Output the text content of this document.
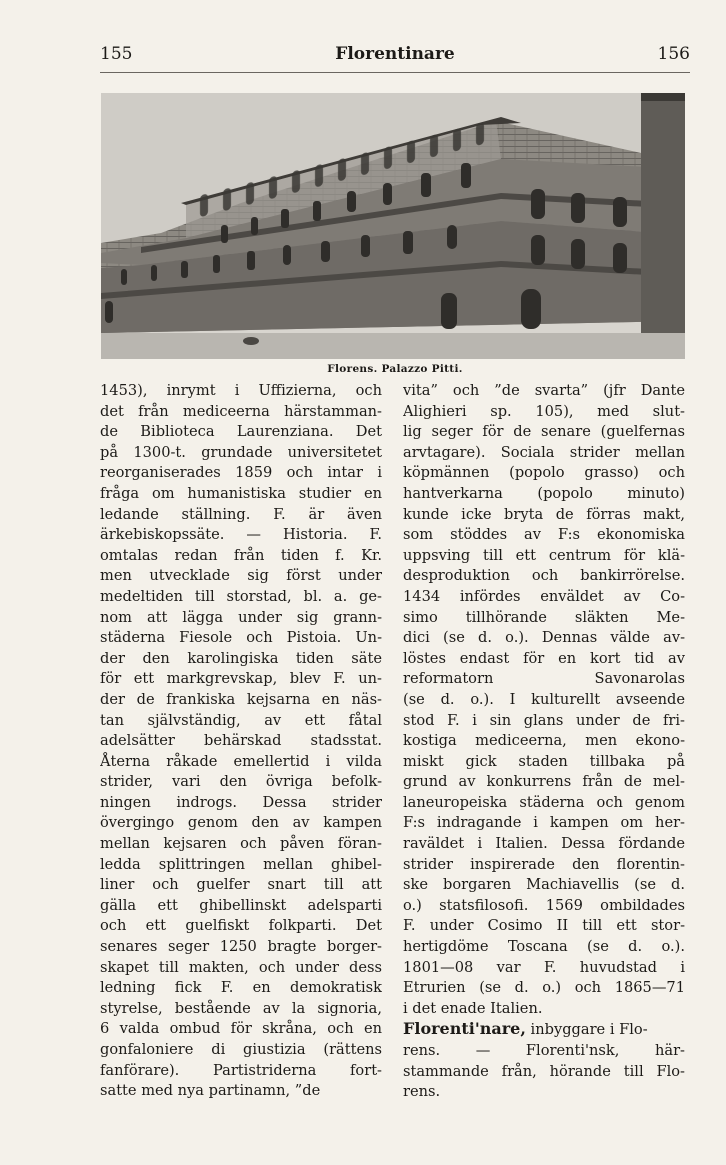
155	Florentinare	156
Florens. Palazzo Pitti.
1453), inrymt i Uffizierna, och
det från mediceerna härstamman-
de Biblioteca Laurenziana. Det
på 1300-t. grundade universitetet
reorganiserades 1859 och intar i
fråga om humanistiska studier en
ledande ställning. F. är även
ärkebiskopssäte. — Historia. F.
omtalas redan från tiden f. Kr.
men utvecklade sig först under
medeltiden till storstad, bl. a. ge-
nom att lägga under sig grann-
städerna Fiesole och Pistoia. Un-
der den karolingiska tiden säte
för ett markgrevskap, blev F. un-
der de frankiska kejsarna en näs-
tan självständig, av ett fåtal
adelsätter behärskad stadsstat.
Återna råkade emellertid i vilda
strider, vari den övriga befolk-
ningen indrogs. Dessa strider
övergingo genom den av kampen
mellan kejsaren och påven föran-
ledda splittringen mellan ghibel-
liner och guelfer snart till att
gälla ett ghibellinskt adelsparti
och ett guelfiskt folkparti. Det
senares seger 1250 bragte borger-
skapet till makten, och under dess
ledning fick F. en demokratisk
styrelse, bestående av la signoria,
6 valda ombud för skråna, och en
gonfaloniere di giustizia (rättens
fanförare). Partistriderna fort-
satte med nya partinamn, ”de
vita” och ”de svarta” (jfr Dante
Alighieri sp. 105), med slut-
lig seger för de senare (guelfernas
arvtagare). Sociala strider mellan
köpmännen (popolo grasso) och
hantverkarna (popolo minuto)
kunde icke bryta de förras makt,
som stöddes av F:s ekonomiska
uppsving till ett centrum för klä-
desproduktion och bankirrörelse.
1434 infördes enväldet av Co-
simo tillhörande släkten Me-
dici (se d. o.). Dennas välde av-
löstes endast för en kort tid av
reformatorn Savonarolas
(se d. o.). I kulturellt avseende
stod F. i sin glans under de fri-
kostiga mediceerna, men ekono-
miskt gick staden tillbaka på
grund av konkurrens från de mel-
laneuropeiska städerna och genom
F:s indragande i kampen om her-
raväldet i Italien. Dessa fördande
strider inspirerade den florentin-
ske borgaren Machiavellis (se d.
o.) statsfilosofi. 1569 ombildades
F. under Cosimo II till ett stor-
hertigdöme Toscana (se d. o.).
1801—08 var F. huvudstad i
Etrurien (se d. o.) och 1865—71
i det enade Italien.
Florenti'nare, inbyggare i Flo-
rens. — Florenti'nsk, här-
stammande från, hörande till Flo-
rens.
